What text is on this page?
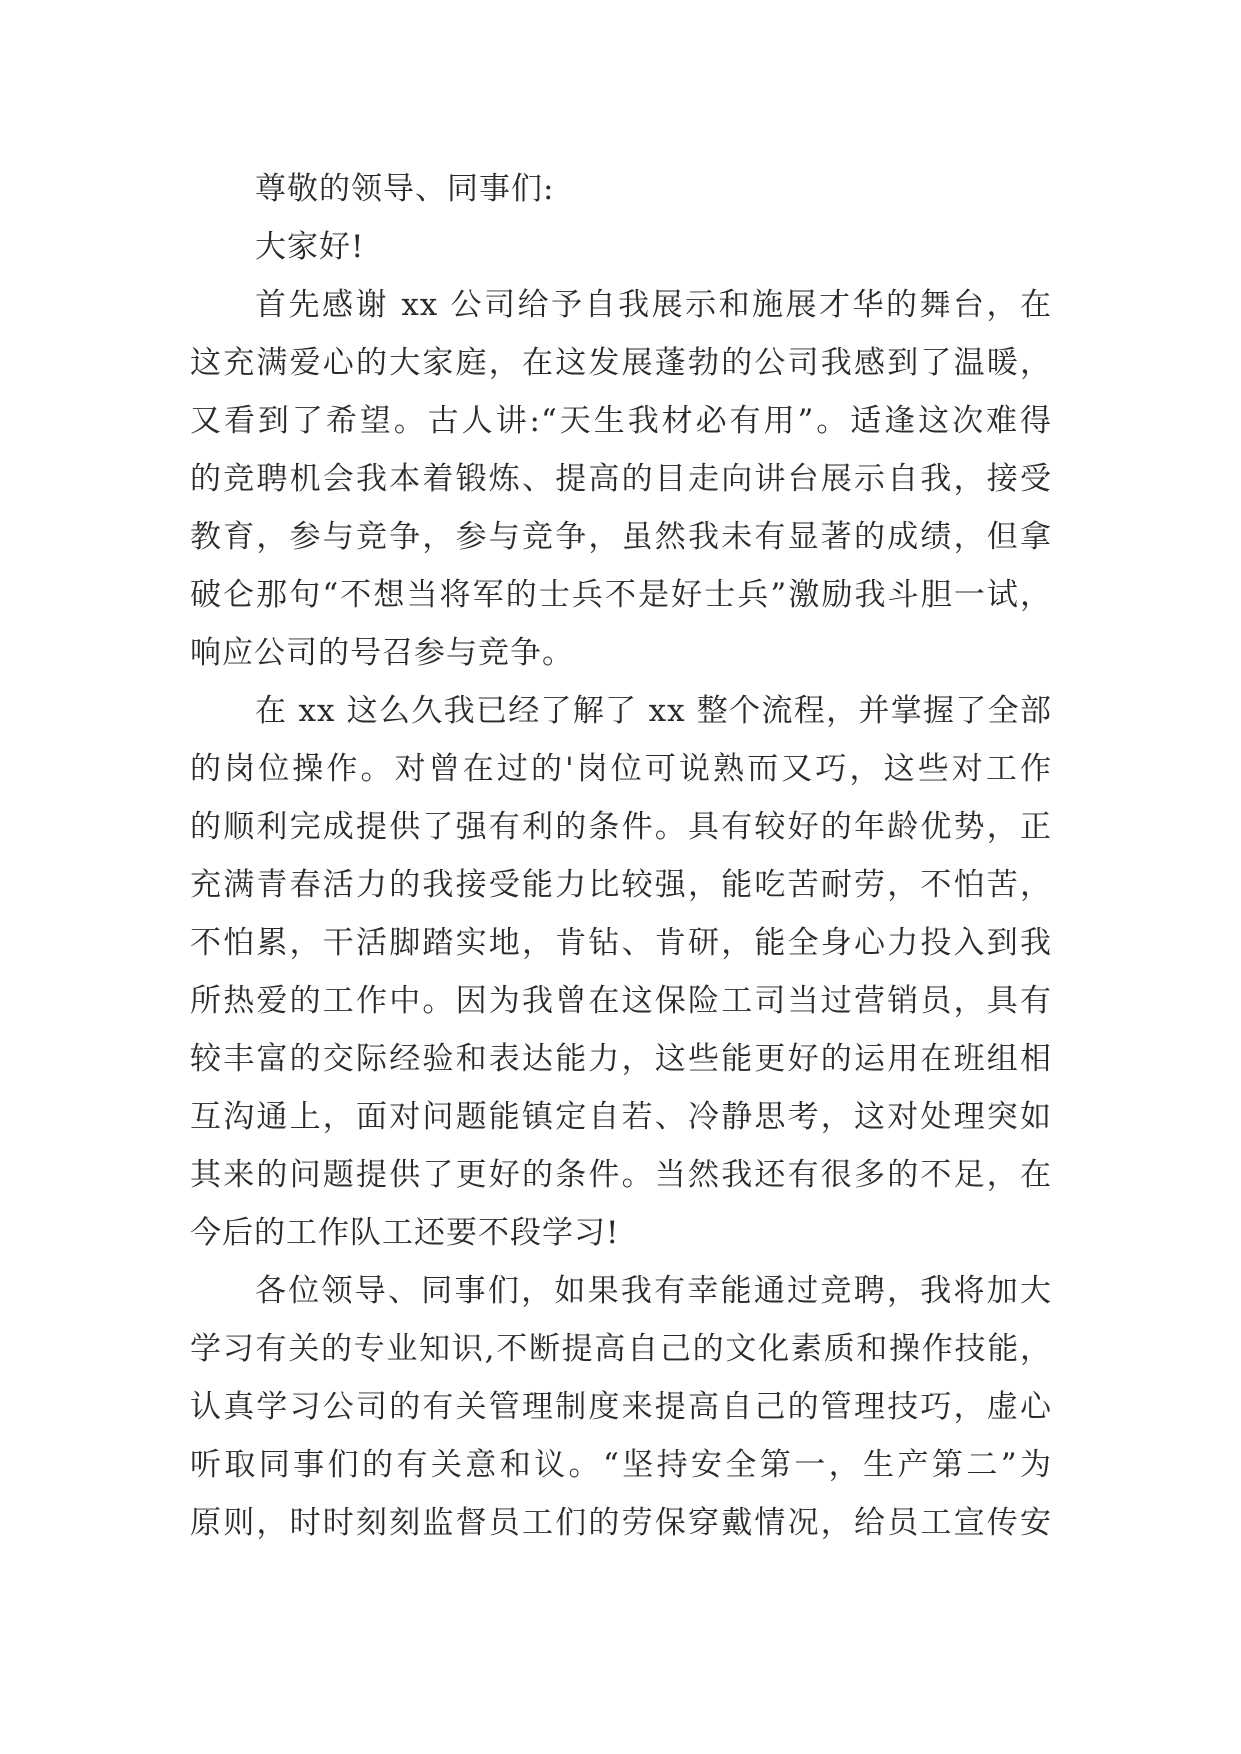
尊敬的领导、同事们:
大家好!
首先感谢 xx 公司给予自我展示和施展才华的舞台，在
这充满爱心的大家庭，在这发展蓬勃的公司我感到了温暖，
又看到了希望。古人讲:“天生我材必有用”。适逢这次难得
的竞聘机会我本着锻炼、提高的目走向讲台展示自我，接受
教育，参与竞争，参与竞争，虽然我未有显著的成绩，但拿
破仑那句“不想当将军的士兵不是好士兵”激励我斗胆一试，
响应公司的号召参与竞争。
在 xx 这么久我已经了解了 xx 整个流程，并掌握了全部
的岗位操作。对曾在过的'岗位可说熟而又巧，这些对工作
的顺利完成提供了强有利的条件。具有较好的年龄优势，正
充满青春活力的我接受能力比较强，能吃苦耐劳，不怕苦，
不怕累，干活脚踏实地，肯钻、肯研，能全身心力投入到我
所热爱的工作中。因为我曾在这保险工司当过营销员，具有
较丰富的交际经验和表达能力，这些能更好的运用在班组相
互沟通上，面对问题能镇定自若、冷静思考，这对处理突如
其来的问题提供了更好的条件。当然我还有很多的不足，在
今后的工作队工还要不段学习!
各位领导、同事们，如果我有幸能通过竞聘，我将加大
学习有关的专业知识,不断提高自己的文化素质和操作技能，
认真学习公司的有关管理制度来提高自己的管理技巧，虚心
听取同事们的有关意和议。“坚持安全第一，生产第二”为
原则，时时刻刻监督员工们的劳保穿戴情况，给员工宣传安
